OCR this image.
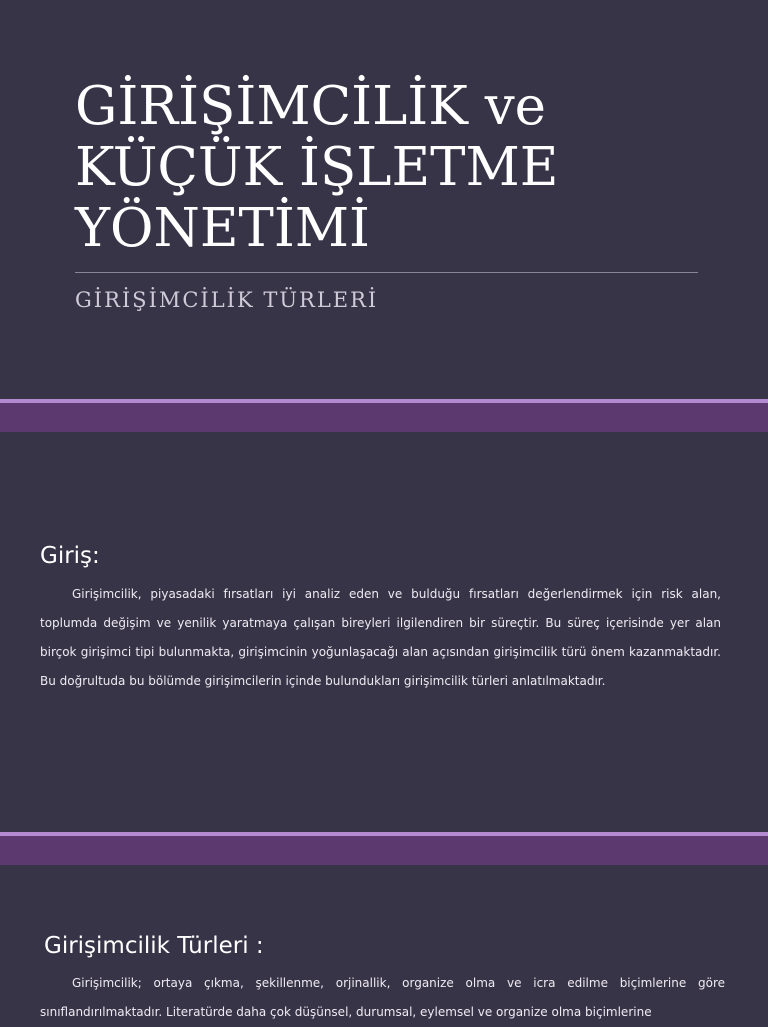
GİRİŞİMCİLİK ve
KÜÇÜK İŞLETME
YÖNETİMİ
GİRİŞİMCİLİK TÜRLERİ
Giriş:

Girişimcilik, piyasadaki fırsatları iyi analiz eden ve bulduğu fırsatları değerlendirmek için risk alan, toplumda değişim ve yenilik yaratmaya çalışan bireyleri ilgilendiren bir süreçtir. Bu süreç içerisinde yer alan birçok girişimci tipi bulunmakta, girişimcinin yoğunlaşacağı alan açısından girişimcilik türü önem kazanmaktadır. Bu doğrultuda bu bölümde girişimcilerin içinde bulundukları girişimcilik türleri anlatılmaktadır.

Girişimcilik Türleri :

Girişimcilik; ortaya çıkma, şekillenme, orjinallik, organize olma ve icra edilme biçimlerine göre sınıflandırılmaktadır. Literatürde daha çok düşünsel, durumsal, eylemsel ve organize olma biçimlerine
